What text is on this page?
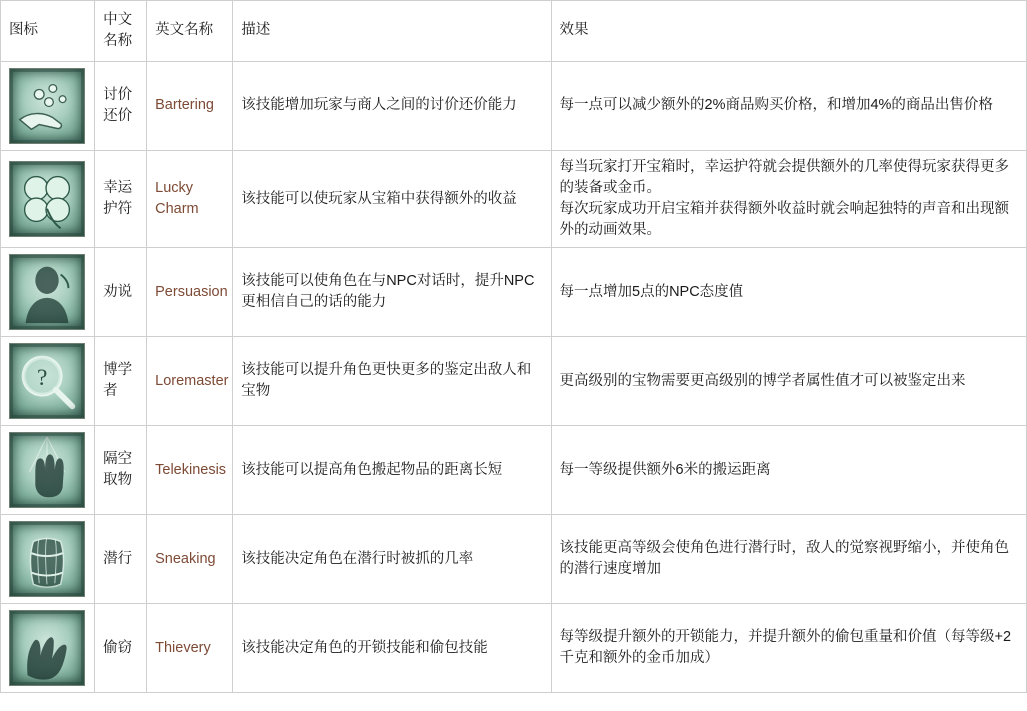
图标	中文名称	英文名称	描述	效果

	讨价还价	Bartering	该技能增加玩家与商人之间的讨价还价能力	每一点可以减少额外的2%商品购买价格，和增加4%的商品出售价格

	幸运护符	Lucky Charm	该技能可以使玩家从宝箱中获得额外的收益	每当玩家打开宝箱时，幸运护符就会提供额外的几率使得玩家获得更多的装备或金币。
每次玩家成功开启宝箱并获得额外收益时就会响起独特的声音和出现额外的动画效果。

	劝说	Persuasion	该技能可以使角色在与NPC对话时，提升NPC更相信自己的话的能力	每一点增加5点的NPC态度值

?	博学者	Loremaster	该技能可以提升角色更快更多的鉴定出敌人和宝物	更高级别的宝物需要更高级别的博学者属性值才可以被鉴定出来

	隔空取物	Telekinesis	该技能可以提高角色搬起物品的距离长短	每一等级提供额外6米的搬运距离

	潜行	Sneaking	该技能决定角色在潜行时被抓的几率	该技能更高等级会使角色进行潜行时，敌人的觉察视野缩小，并使角色的潜行速度增加

	偷窃	Thievery	该技能决定角色的开锁技能和偷包技能	每等级提升额外的开锁能力，并提升额外的偷包重量和价值（每等级+2千克和额外的金币加成）
